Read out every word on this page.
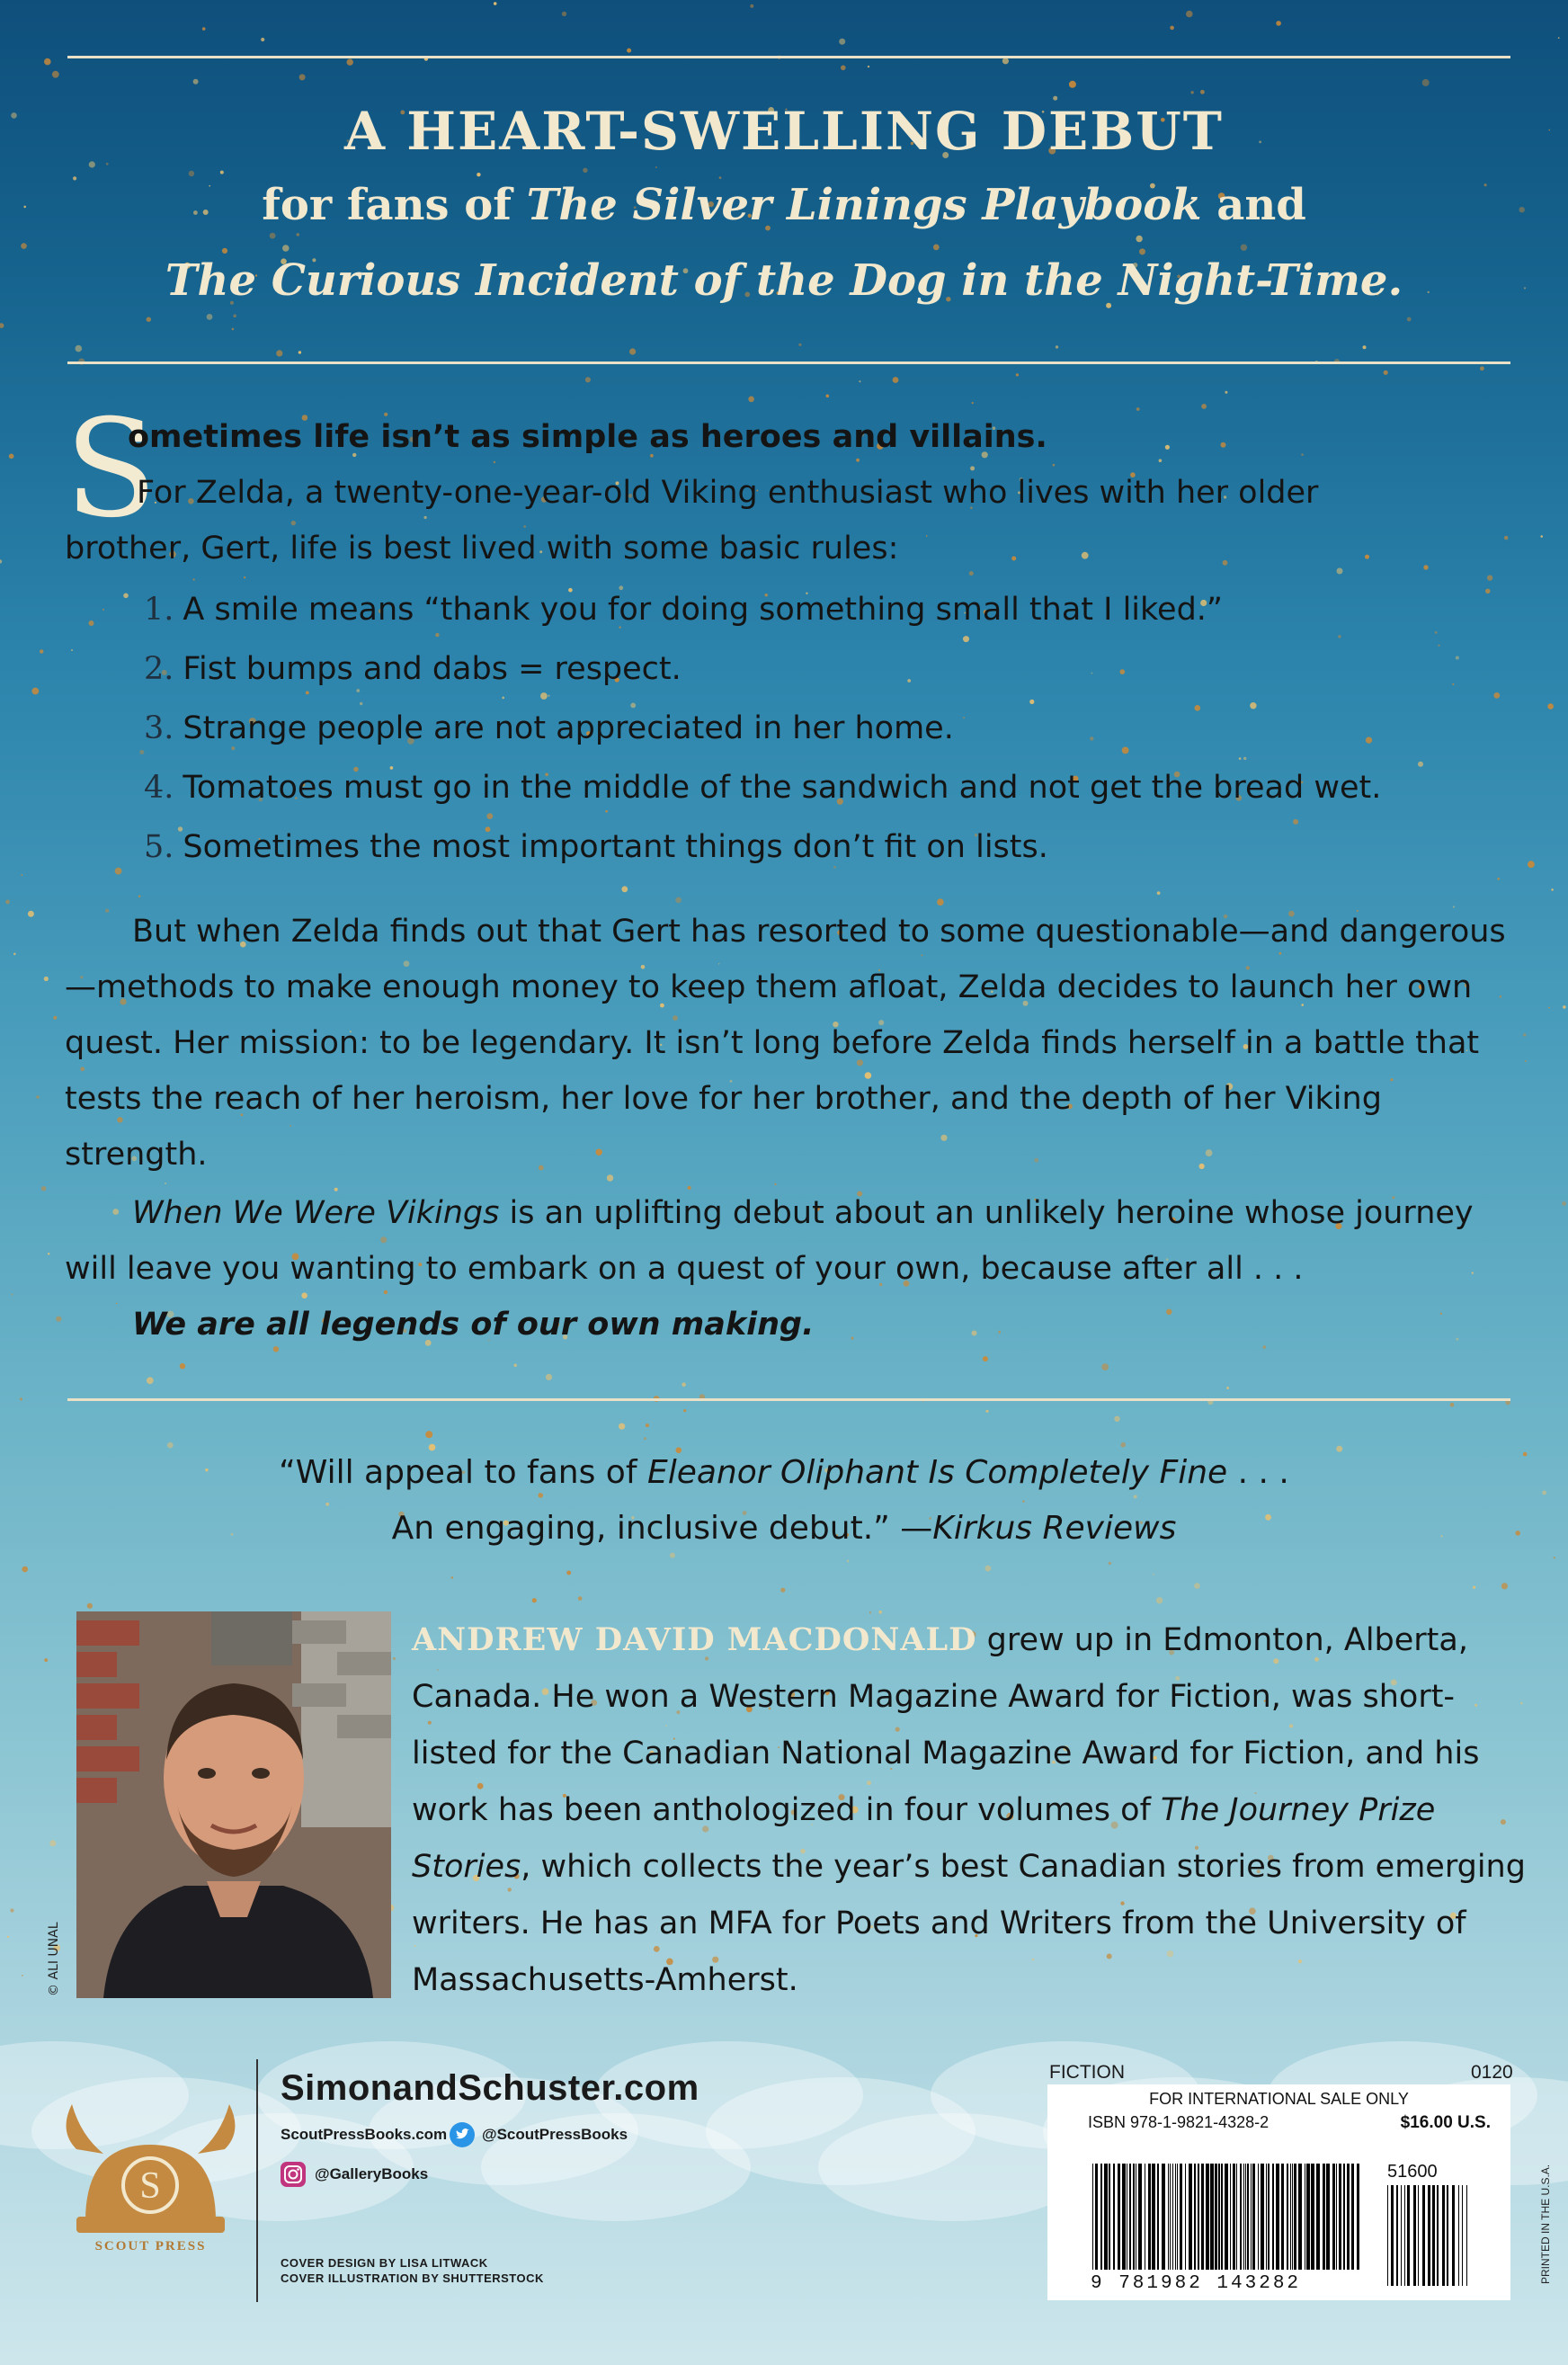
A HEART-SWELLING DEBUT
for fans of The Silver Linings Playbook and
The Curious Incident of the Dog in the Night-Time.
S
ometimes life isn’t as simple as heroes and villains.
For Zelda, a twenty-one-year-old Viking enthusiast who lives with her older
brother, Gert, life is best lived with some basic rules:
1. A smile means “thank you for doing something small that I liked.”
2. Fist bumps and dabs = respect.
3. Strange people are not appreciated in her home.
4. Tomatoes must go in the middle of the sandwich and not get the bread wet.
5. Sometimes the most important things don’t fit on lists.
But when Zelda finds out that Gert has resorted to some questionable—and dangerous—methods to make enough money to keep them afloat, Zelda decides to launch her own quest. Her mission: to be legendary. It isn’t long before Zelda finds herself in a battle that tests the reach of her heroism, her love for her brother, and the depth of her Viking strength.
When We Were Vikings is an uplifting debut about an unlikely heroine whose journey will leave you wanting to embark on a quest of your own, because after all . . .
We are all legends of our own making.
“Will appeal to fans of Eleanor Oliphant Is Completely Fine . . .
An engaging, inclusive debut.” —Kirkus Reviews
© ALI UNAL
ANDREW DAVID MACDONALD grew up in Edmonton, Alberta, Canada. He won a Western Magazine Award for Fiction, was short-listed for the Canadian National Magazine Award for Fiction, and his work has been anthologized in four volumes of The Journey Prize Stories, which collects the year’s best Canadian stories from emerging writers. He has an MFA for Poets and Writers from the University of Massachusetts-Amherst.
S
SCOUT PRESS
SimonandSchuster.com
ScoutPressBooks.com @ScoutPressBooks
@GalleryBooks
COVER DESIGN BY LISA LITWACK
COVER ILLUSTRATION BY SHUTTERSTOCK
FICTION	0120
FOR INTERNATIONAL SALE ONLY
ISBN 978-1-9821-4328-2	$16.00 U.S.
51600
9 781982 143282	PRINTED IN THE U.S.A.
